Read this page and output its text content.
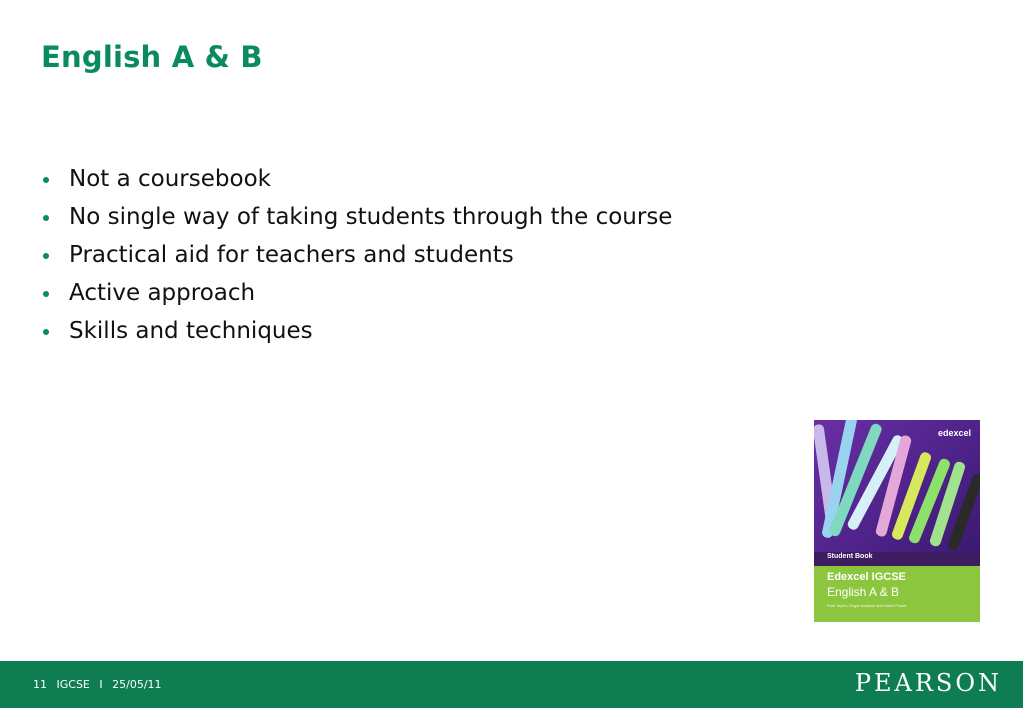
English A & B
Not a coursebook
No single way of taking students through the course
Practical aid for teachers and students
Active approach
Skills and techniques
edexcel
Student Book
Edexcel IGCSE
English A & B
Pam Taylor, Roger Addison and David Foster
11 IGCSE I 25/05/11	PEARSON
